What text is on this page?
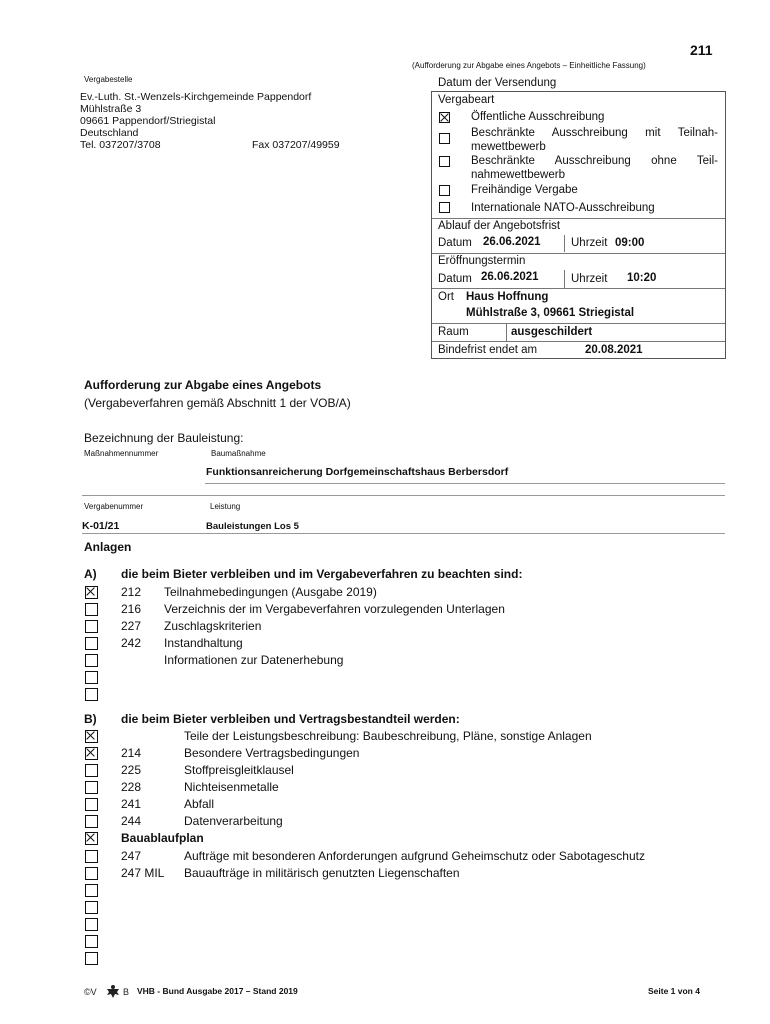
211
(Aufforderung zur Abgabe eines Angebots – Einheitliche Fassung)
Vergabestelle
Ev.-Luth. St.-Wenzels-Kirchgemeinde Pappendorf
Mühlstraße 3
09661 Pappendorf/Striegistal
Deutschland
Tel. 037207/3708	Fax 037207/49959
Datum der Versendung
Vergabeart
Öffentliche Ausschreibung
Beschränkte Ausschreibung mit Teilnah-
mewettbewerb
Beschränkte Ausschreibung ohne Teil-
nahmewettbewerb
Freihändige Vergabe
Internationale NATO-Ausschreibung
Ablauf der Angebotsfrist
Datum 26.06.2021	Uhrzeit 09:00
Eröffnungstermin
Datum 26.06.2021	Uhrzeit 10:20
Ort Haus Hoffnung
Mühlstraße 3, 09661 Striegistal
Raum	ausgeschildert
Bindefrist endet am	20.08.2021
Aufforderung zur Abgabe eines Angebots
(Vergabeverfahren gemäß Abschnitt 1 der VOB/A)
Bezeichnung der Bauleistung:
Maßnahmennummer	Baumaßnahme
Funktionsanreicherung Dorfgemeinschaftshaus Berbersdorf
Vergabenummer	Leistung
K-01/21	Bauleistungen Los 5
Anlagen
A) die beim Bieter verbleiben und im Vergabeverfahren zu beachten sind:
212 Teilnahmebedingungen (Ausgabe 2019)
216 Verzeichnis der im Vergabeverfahren vorzulegenden Unterlagen
227 Zuschlagskriterien
242 Instandhaltung
Informationen zur Datenerhebung
B) die beim Bieter verbleiben und Vertragsbestandteil werden:
Teile der Leistungsbeschreibung: Baubeschreibung, Pläne, sonstige Anlagen
214	Besondere Vertragsbedingungen
225	Stoffpreisgleitklausel
228	Nichteisenmetalle
241	Abfall
244	Datenverarbeitung
Bauablaufplan
247	Aufträge mit besonderen Anforderungen aufgrund Geheimschutz oder Sabotageschutz
247 MIL Bauaufträge in militärisch genutzten Liegenschaften
©V	B VHB - Bund Ausgabe 2017 – Stand 2019	Seite 1 von 4
